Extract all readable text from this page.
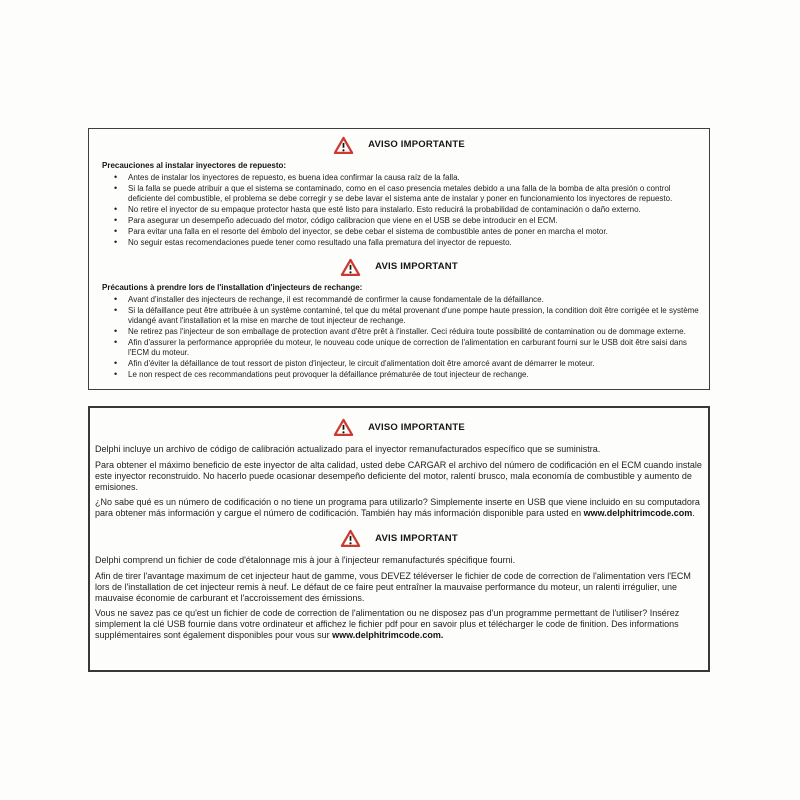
AVISO IMPORTANTE

Precauciones al instalar inyectores de repuesto:

• Antes de instalar los inyectores de repuesto, es buena idea confirmar la causa raíz de la falla.
• Si la falla se puede atribuir a que el sistema se contaminado, como en el caso presencia metales debido a una falla de la bomba de alta presión o control deficiente del combustible, el problema se debe corregir y se debe lavar el sistema ante de instalar y poner en funcionamiento los inyectores de repuesto.
• No retire el inyector de su empaque protector hasta que esté listo para instalarlo. Esto reducirá la probabilidad de contaminación o daño externo.
• Para asegurar un desempeño adecuado del motor, código calibracion que viene en el USB se debe introducir en el ECM.
• Para evitar una falla en el resorte del émbolo del inyector, se debe cebar el sistema de combustible antes de poner en marcha el motor.
• No seguir estas recomendaciones puede tener como resultado una falla prematura del inyector de repuesto.
AVIS IMPORTANT

Précautions à prendre lors de l'installation d'injecteurs de rechange:

• Avant d'installer des injecteurs de rechange, il est recommandé de confirmer la cause fondamentale de la défaillance.
• Si la défaillance peut être attribuée à un système contaminé, tel que du métal provenant d'une pompe haute pression, la condition doit être corrigée et le système vidangé avant l'installation et la mise en marche de tout injecteur de rechange.
• Ne retirez pas l'injecteur de son emballage de protection avant d'être prêt à l'installer. Ceci réduira toute possibilité de contamination ou de dommage externe.
• Afin d'assurer la performance appropriée du moteur, le nouveau code unique de correction de l'alimentation en carburant fourni sur le USB doit être saisi dans l'ECM du moteur.
• Afin d'éviter la défaillance de tout ressort de piston d'injecteur, le circuit d'alimentation doit être amorcé avant de démarrer le moteur.
• Le non respect de ces recommandations peut provoquer la défaillance prématurée de tout injecteur de rechange.
AVISO IMPORTANTE

Delphi incluye un archivo de código de calibración actualizado para el inyector remanufacturados específico que se suministra.

Para obtener el máximo beneficio de este inyector de alta calidad, usted debe CARGAR el archivo del número de codificación en el ECM cuando instale este inyector reconstruido. No hacerlo puede ocasionar desempeño deficiente del motor, ralentí brusco, mala economía de combustible y aumento de emisiones.

¿No sabe qué es un número de codificación o no tiene un programa para utilizarlo? Simplemente inserte en USB que viene incluido en su computadora para obtener más información y cargue el número de codificación. También hay más información disponible para usted en www.delphitrimcode.com.

AVIS IMPORTANT

Delphi comprend un fichier de code d'étalonnage mis à jour à l'injecteur remanufacturés spécifique fourni.

Afin de tirer l'avantage maximum de cet injecteur haut de gamme, vous DEVEZ téléverser le fichier de code de correction de l'alimentation vers l'ECM lors de l'installation de cet injecteur remis à neuf. Le défaut de ce faire peut entraîner la mauvaise performance du moteur, un ralenti irrégulier, une mauvaise économie de carburant et l'accroissement des émissions.

Vous ne savez pas ce qu'est un fichier de code de correction de l'alimentation ou ne disposez pas d'un programme permettant de l'utiliser? Insérez simplement la clé USB fournie dans votre ordinateur et affichez le fichier pdf pour en savoir plus et télécharger le code de finition. Des informations supplémentaires sont également disponibles pour vous sur www.delphitrimcode.com.
